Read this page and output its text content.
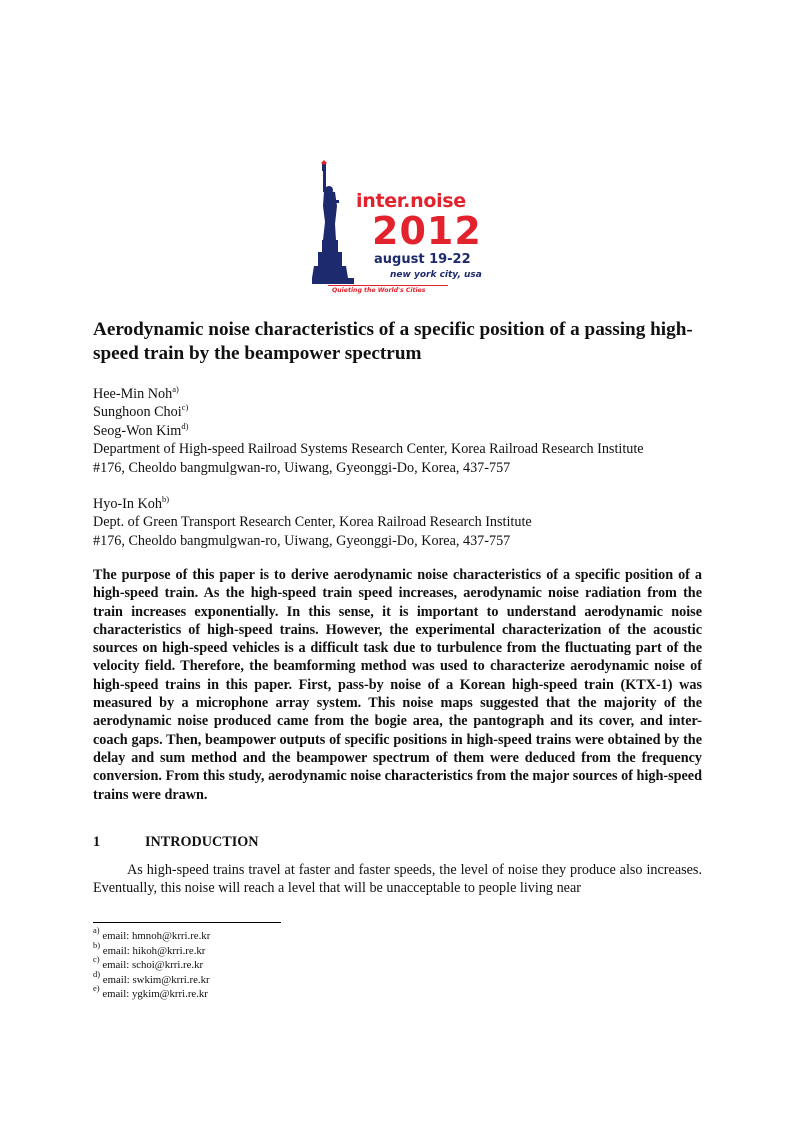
inter.noise
2012
august 19-22
new york city, usa
Quieting the World's Cities
Aerodynamic noise characteristics of a specific position of a passing high-speed train by the beampower spectrum
Hee-Min Noh$^{a)}$
Sunghoon Choi$^{c)}$
Seog-Won Kim$^{d)}$
Department of High-speed Railroad Systems Research Center, Korea Railroad Research Institute
#176, Cheoldo bangmulgwan-ro, Uiwang, Gyeonggi-Do, Korea, 437-757
Hyo-In Koh$^{b)}$
Dept. of Green Transport Research Center, Korea Railroad Research Institute
#176, Cheoldo bangmulgwan-ro, Uiwang, Gyeonggi-Do, Korea, 437-757

The purpose of this paper is to derive aerodynamic noise characteristics of a specific position of a high-speed train. As the high-speed train speed increases, aerodynamic noise radiation from the train increases exponentially. In this sense, it is important to understand aerodynamic noise characteristics of high-speed trains. However, the experimental characterization of the acoustic sources on high-speed vehicles is a difficult task due to turbulence from the fluctuating part of the velocity field. Therefore, the beamforming method was used to characterize aerodynamic noise of high-speed trains in this paper. First, pass-by noise of a Korean high-speed train (KTX-1) was measured by a microphone array system. This noise maps suggested that the majority of the aerodynamic noise produced came from the bogie area, the pantograph and its cover, and inter-coach gaps. Then, beampower outputs of specific positions in high-speed trains were obtained by the delay and sum method and the beampower spectrum of them were deduced from the frequency conversion. From this study, aerodynamic noise characteristics from the major sources of high-speed trains were drawn.

1	INTRODUCTION

As high-speed trains travel at faster and faster speeds, the level of noise they produce also increases. Eventually, this noise will reach a level that will be unacceptable to people living near

$^{a)}$ email: hmnoh@krri.re.kr
$^{b)}$ email: hikoh@krri.re.kr
$^{c)}$ email: schoi@krri.re.kr
$^{d)}$ email: swkim@krri.re.kr
$^{e)}$ email: ygkim@krri.re.kr
